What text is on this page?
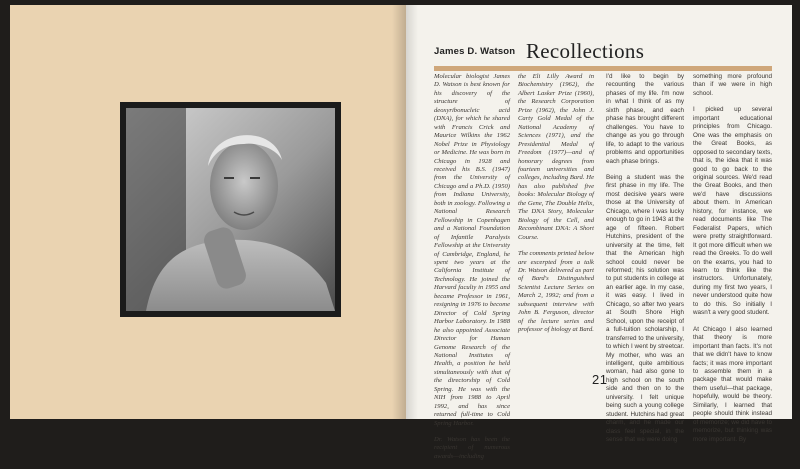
James D. Watson Recollections

Molecular biologist James D. Watson is best known for his discovery of the structure of deoxyribonucleic acid (DNA), for which he shared with Francis Crick and Maurice Wilkins the 1962 Nobel Prize in Physiology or Medicine. He was born in Chicago in 1928 and received his B.S. (1947) from the University of Chicago and a Ph.D. (1950) from Indiana University, both in zoology. Following a National Research Fellowship in Copenhagen and a National Foundation of Infantile Paralysis Fellowship at the University of Cambridge, England, he spent two years at the California Institute of Technology. He joined the Harvard faculty in 1955 and became Professor in 1961, resigning in 1976 to become Director of Cold Spring Harbor Laboratory. In 1988 he also appointed Associate Director for Human Genome Research of the National Institutes of Health, a position he held simultaneously with that of the directorship of Cold Spring. He was with the NIH from 1988 to April 1992, and has since returned full-time to Cold Spring Harbor.

Dr. Watson has been the recipient of numerous awards—including

the Eli Lilly Award in Biochemistry (1962), the Albert Lasker Prize (1960), the Research Corporation Prize (1962), the John J. Carty Gold Medal of the National Academy of Sciences (1971), and the Presidential Medal of Freedom (1977)—and of honorary degrees from fourteen universities and colleges, including Bard. He has also published five books: Molecular Biology of the Gene, The Double Helix, The DNA Story, Molecular Biology of the Cell, and Recombinant DNA: A Short Course.

The comments printed below are excerpted from a talk Dr. Watson delivered as part of Bard's Distinguished Scientist Lecture Series on March 2, 1992; and from a subsequent interview with John B. Ferguson, director of the lecture series and professor of biology at Bard.

I'd like to begin by recounting the various phases of my life. I'm now in what I think of as my sixth phase, and each phase has brought different challenges. You have to change as you go through life, to adapt to the various problems and opportunities each phase brings.

Being a student was the first phase in my life. The most decisive years were those at the University of Chicago, where I was lucky enough to go in 1943 at the age of fifteen. Robert Hutchins, president of the university at the time, felt that the American high school could never be reformed; his solution was to put students in college at an earlier age. In my case, it was easy. I lived in Chicago, so after two years at South Shore High School, upon the receipt of a full-tuition scholarship, I transferred to the university, to which I went by streetcar. My mother, who was an intelligent, quite ambitious woman, had also gone to high school on the south side and then on to the university. I felt unique being such a young college student. Hutchins had great charm, and he made our class feel special, in the sense that we were doing

something more profound than if we were in high school.

I picked up several important educational principles from Chicago. One was the emphasis on the Great Books, as opposed to secondary texts, that is, the idea that it was good to go back to the original sources. We'd read the Great Books, and then we'd have discussions about them. In American history, for instance, we read documents like The Federalist Papers, which were pretty straightforward. It got more difficult when we read the Greeks. To do well on the exams, you had to learn to think like the instructors. Unfortunately, during my first two years, I never understood quite how to do this. So initially I wasn't a very good student.

At Chicago I also learned that theory is more important than facts. It's not that we didn't have to know facts; it was more important to assemble them in a package that would make them useful—that package, hopefully, would be theory. Similarly, I learned that people should think instead of memorize; we did have to memorize, but thinking was more important. By

21
